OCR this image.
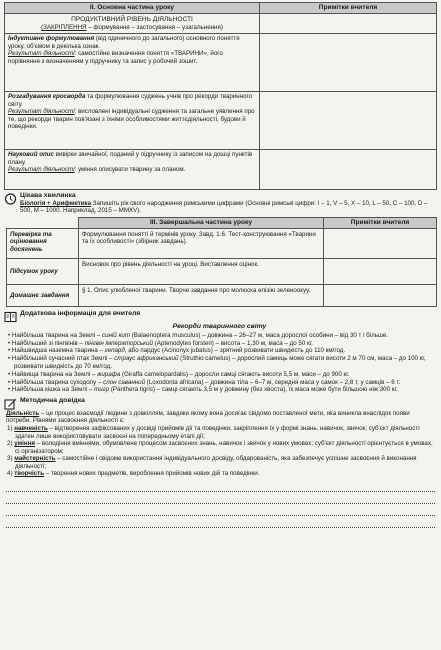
ІІ. Основна частина уроку	Примітки вчителя

ПРОДУКТИВНИЙ РІВЕНЬ ДІЯЛЬНОСТІ
(ЗАКРІПЛЕННЯ – формування – застосування – узагальнення)	

Індуктивне формулювання (від одиничного до загального) основного поняття уроку, об'ємом в декілька ознак.

Результат діяльності: самостійне визначення поняття «ТВАРИНИ», його порівняння з визначенням у підручнику та запис у робочий зошит.	

Розгадування кросворда та формулювання суджень учнів про рекорди тваринного світу.

Результат діяльності: висловлені індивідуальні судження та загальне уявлення про те, що рекорди тварин пов'язані з їхніми особливостями життєдіяльності, будови й поведінки.	

Науковий опис вивірки звичайної, поданий у підручнику із записом на дошці пунктів плану.

Результат діяльності: уміння описувати тварину за планом.	

Цікава хвилинка
Біологія + Арифметика Запишіть рік свого народження римськими цифрами (Основні римські цифри: I – 1, V – 5, X – 10, L – 50, C – 100, D – 500, M – 1000. Наприклад, 2015 – MMXV).
	ІІІ. Завершальна частина уроку	Примітки вчителя
Перевірка та оцінювання досягнень	Формулювання понятті й термінів уроку. Завд. 1.6. Тест-конструювання «Тварини та їх особливості» (збірник завдань).	
Підсумок уроку	Висновок про рівень діяльності на уроці. Виставлення оцінок.	
Домашнє завдання	§ 1. Опис улюбленої тварини. Творче завдання про молюска елізію зеленоокуу.	
Додаткова інформація для вчителя
Рекорди тваринного світу
• Найбільша тварина на Землі – синій кит (Balaenoptera musculus) – довжина – 26–27 м, маса дорослої особини – від 30 т і більше.
• Найбільший зі пінгвінів – пінгвін імператорський (Aptenodytes forsteri) – висота – 1,30 м, маса – до 50 кг.
• Найшвидша наземна тварина – гепард, або пардус (Acinonyx jubatus) – зрятний розвивати швидкість до 110 км/год.
• Найбільший сучасний птах Землі – страус африканський (Struthio camelus) – дорослий самець може сягати висоти 2 м 70 см, маса – до 100 кг, розвивати швидкість до 70 км/год.
• Найвища тварина на Землі – жирафа (Giraffa camelopardalis) – доросли самці сягають висоти 5,5 м, маси – до 900 кг.
• Найбільша тварина суходолу – слон саванний (Loxodonta africana) – довжина тіла – 6–7 м, середня маса у самок – 2,8 т, у самців – 6 т.
• Найбільша кішка на Землі – тигр (Panthera tigris) – самці сягають 3,5 м у довжину (без хвоста), їх маса може бути більшою ніж 300 кг.
Методична довідка
Діяльність – це процес взаємодії людини з довкіллям, завдяки якому вона досягає свідомо поставленої мети, яка виникла внаслідок появи потреби. Рівнями засвоєння діяльності є:
1) навченість – відтворення зафіксованих у досвіді прийомів дії та поведінки, закріплення їх у формі знань, навичок, звичок; суб'єкт діяльності здатен лише використовувати засвоєні на попередньому етапі дії;
2) уміння – володіння вміннями, обумовлене процесом засвоєних знань, навичок і звичок у нових умовах; суб'єкт діяльності орієнтується в умовах, сі організатором;
3) майстерність – самостійне і свідоме використання індивідуального досвіду, обдарованість, яка забезпечує успішне засвоєння й виконання діяльності;
4) творчість – творення нових предметів, вироблення прийомів нових дій та поведінки.
